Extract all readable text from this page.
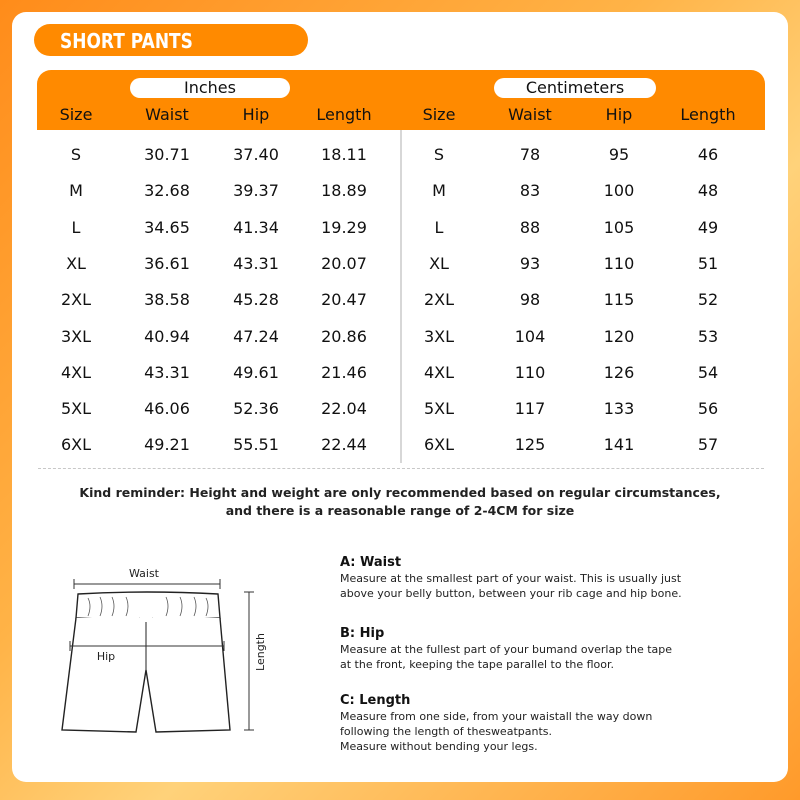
SHORT PANTS
Inches	Centimeters
Size	Waist	Hip	Length	Size	Waist	Hip	Length
S	30.71	37.40	18.11	S	78	95	46
M	32.68	39.37	18.89	M	83	100	48
L	34.65	41.34	19.29	L	88	105	49
XL	36.61	43.31	20.07	XL	93	110	51
2XL	38.58	45.28	20.47	2XL	98	115	52
3XL	40.94	47.24	20.86	3XL	104	120	53
4XL	43.31	49.61	21.46	4XL	110	126	54
5XL	46.06	52.36	22.04	5XL	117	133	56
6XL	49.21	55.51	22.44	6XL	125	141	57
Kind reminder: Height and weight are only recommended based on regular circumstances,
and there is a reasonable range of 2-4CM for size
Waist
Hip	Length
A: Waist
Measure at the smallest part of your waist. This is usually just
above your belly button, between your rib cage and hip bone.
B: Hip
Measure at the fullest part of your bumand overlap the tape
at the front, keeping the tape parallel to the floor.
C: Length
Measure from one side, from your waistall the way down
following the length of thesweatpants.
Measure without bending your legs.
